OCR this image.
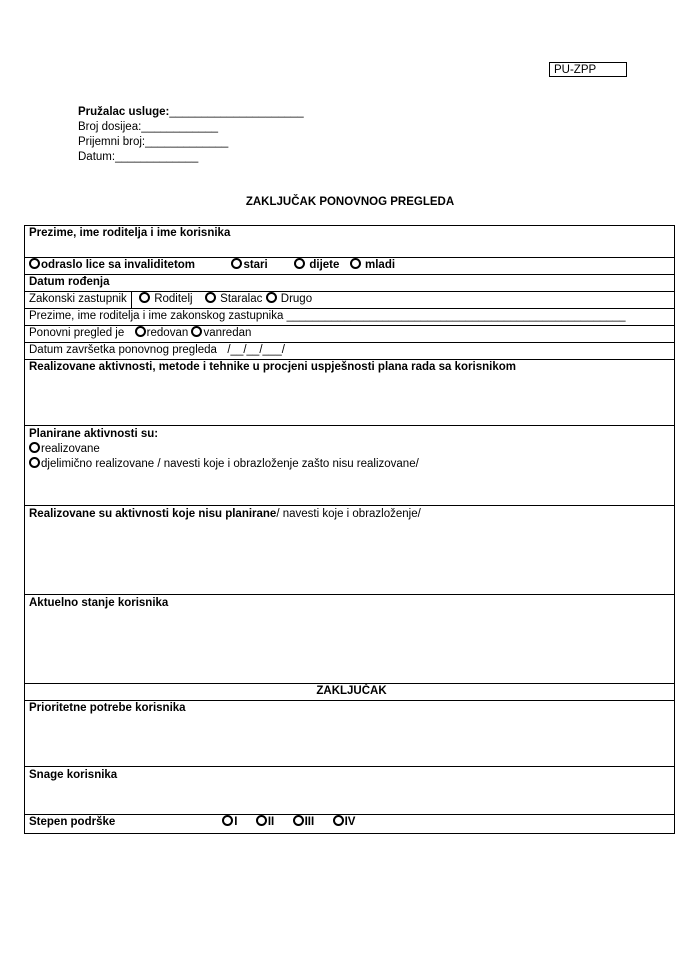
PU-ZPP
Pružalac usluge:_____________________
Broj dosijea:____________
Prijemni broj:_____________
Datum:_____________
ZAKLJUČAK PONOVNOG PREGLEDA
Prezime, ime roditelja i ime korisnika
odraslo lice sa invaliditetom	stari	dijete mladi
Datum rođenja
Zakonski zastupnik Roditelj Staralac Drugo
Prezime, ime roditelja i ime zakonskog zastupnika _____________________________________________________
Ponovni pregled je redovan vanredan
Datum završetka ponovnog pregleda /__/__/___/
Realizovane aktivnosti, metode i tehnike u procjeni uspješnosti plana rada sa korisnikom

Planirane aktivnosti su:
realizovane
djelimično realizovane / navesti koje i obrazloženje zašto nisu realizovane/

Realizovane su aktivnosti koje nisu planirane/ navesti koje i obrazloženje/
Aktuelno stanje korisnika
ZAKLJUČAK
Prioritetne potrebe korisnika
Snage korisnika
Stepen podrške	I	II	III	IV
